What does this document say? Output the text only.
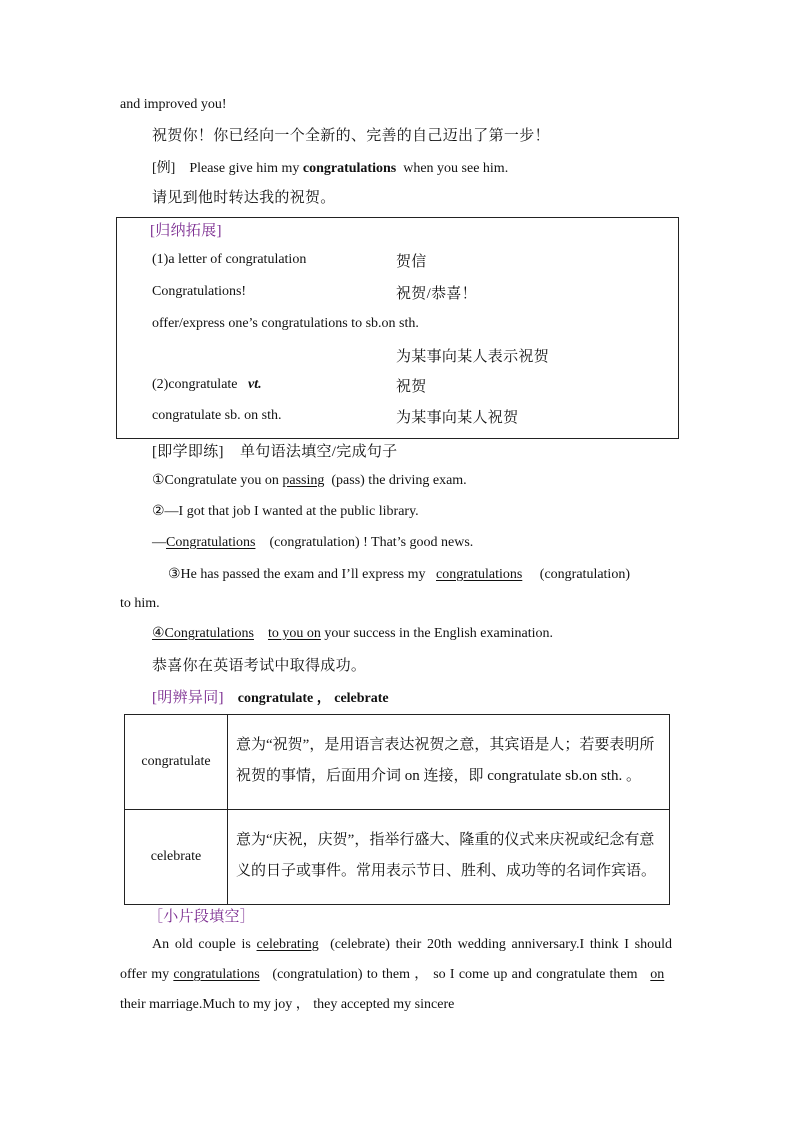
and improved you!
祝贺你！你已经向一个全新的、完善的自己迈出了第一步！
[例] Please give him my congratulations when you see him.
请见到他时转达我的祝贺。
[归纳拓展]
(1)a letter of congratulation	贺信
Congratulations!	祝贺/恭喜！
offer/express one’s congratulations to sb.on sth.
为某事向某人表示祝贺
(2)congratulate vt.	祝贺
congratulate sb. on sth.	为某事向某人祝贺
[即学即练] 单句语法填空/完成句子
①Congratulate you on passing (pass) the driving exam.
②—I got that job I wanted at the public library.
—Congratulations (congratulation) ! That’s good news.
③He has passed the exam and I’ll express my congratulations (congratulation)
to him.
④Congratulations to you on your success in the English examination.
恭喜你在英语考试中取得成功。
[明辨异同] congratulate ， celebrate
congratulate	意为“祝贺”，是用语言表达祝贺之意，其宾语是人；若要表明所祝贺的事情，后面用介词 on 连接，即 congratulate sb.on sth. 。
celebrate	意为“庆祝，庆贺”，指举行盛大、隆重的仪式来庆祝或纪念有意义的日子或事件。常用表示节日、胜利、成功等的名词作宾语。
［小片段填空］
An old couple is celebrating (celebrate) their 20th wedding anniversary.I think I should offer my congratulations (congratulation) to them ， so I come up and congratulate them on   their marriage.Much to my joy ， they accepted my sincere
